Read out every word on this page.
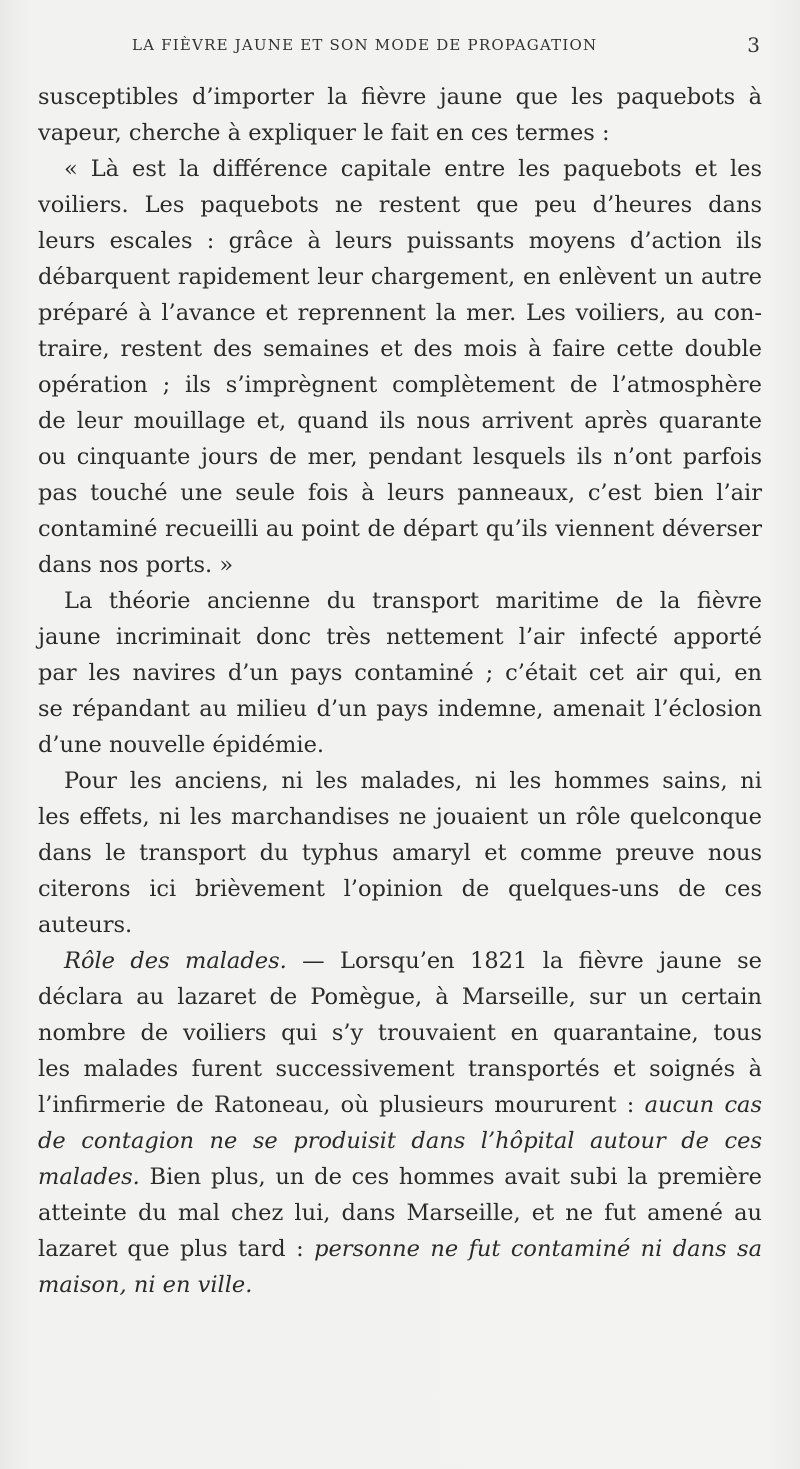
LA FIÈVRE JAUNE ET SON MODE DE PROPAGATION	3
susceptibles d’importer la fièvre jaune que les paquebots à
vapeur, cherche à expliquer le fait en ces termes :
« Là est la différence capitale entre les paquebots et les
voiliers. Les paquebots ne restent que peu d’heures dans
leurs escales : grâce à leurs puissants moyens d’action ils
débarquent rapidement leur chargement, en enlèvent un autre
préparé à l’avance et reprennent la mer. Les voiliers, au con-
traire, restent des semaines et des mois à faire cette double
opération ; ils s’imprègnent complètement de l’atmosphère
de leur mouillage et, quand ils nous arrivent après quarante
ou cinquante jours de mer, pendant lesquels ils n’ont parfois
pas touché une seule fois à leurs panneaux, c’est bien l’air
contaminé recueilli au point de départ qu’ils viennent déverser
dans nos ports. »
La théorie ancienne du transport maritime de la fièvre
jaune incriminait donc très nettement l’air infecté apporté
par les navires d’un pays contaminé ; c’était cet air qui, en
se répandant au milieu d’un pays indemne, amenait l’éclosion
d’une nouvelle épidémie.
Pour les anciens, ni les malades, ni les hommes sains, ni
les effets, ni les marchandises ne jouaient un rôle quelconque
dans le transport du typhus amaryl et comme preuve nous
citerons ici brièvement l’opinion de quelques-uns de ces
auteurs.
Rôle des malades. — Lorsqu’en 1821 la fièvre jaune se
déclara au lazaret de Pomègue, à Marseille, sur un certain
nombre de voiliers qui s’y trouvaient en quarantaine, tous
les malades furent successivement transportés et soignés à
l’infirmerie de Ratoneau, où plusieurs moururent : aucun cas
de contagion ne se produisit dans l’hôpital autour de ces
malades. Bien plus, un de ces hommes avait subi la première
atteinte du mal chez lui, dans Marseille, et ne fut amené au
lazaret que plus tard : personne ne fut contaminé ni dans sa
maison, ni en ville.
